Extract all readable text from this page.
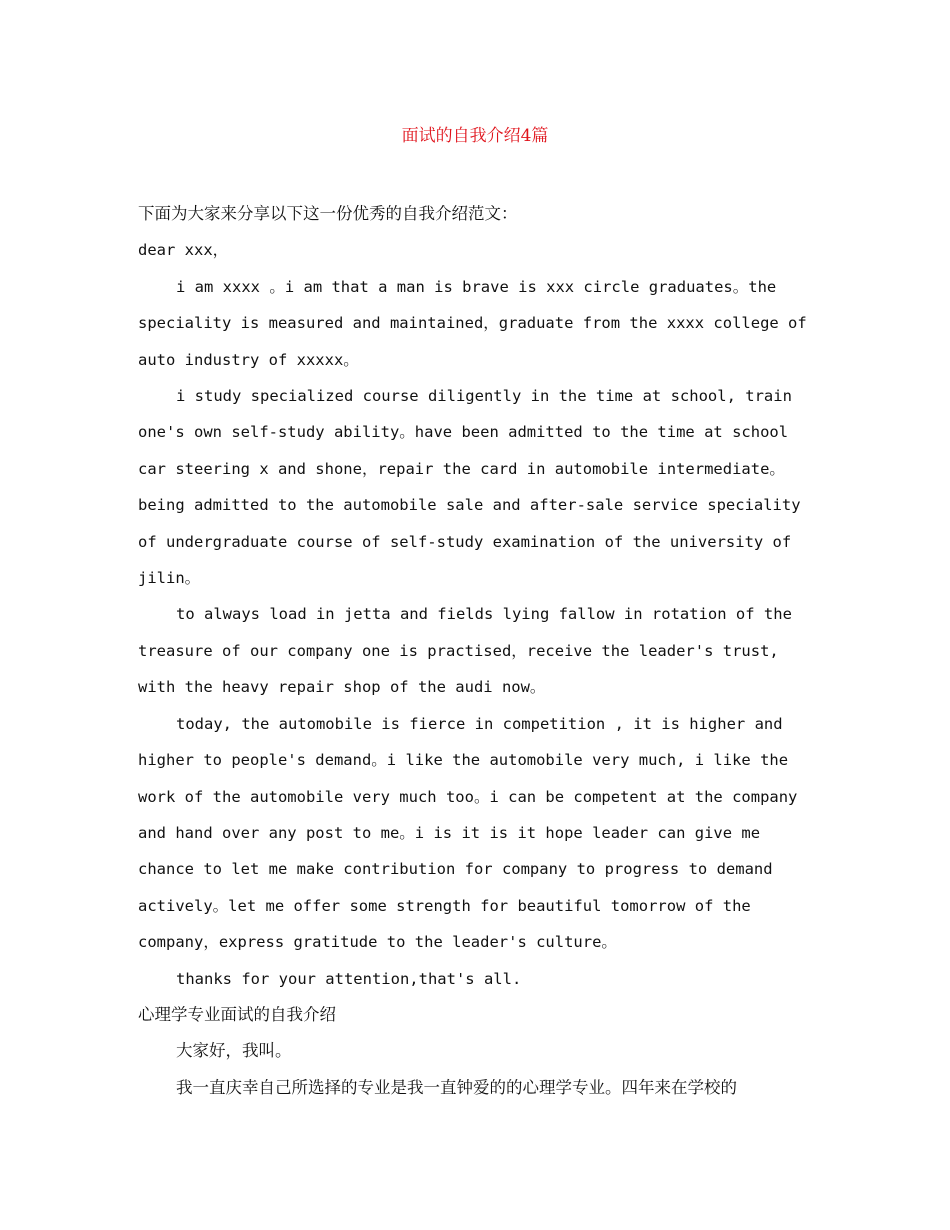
面试的自我介绍4篇

下面为大家来分享以下这一份优秀的自我介绍范文：

dear xxx，

i am xxxx 。i am that a man is brave is xxx circle graduates。the
speciality is measured and maintained，graduate from the xxxx college of
auto industry of xxxxx。

i study specialized course diligently in the time at school, train
one's own self-study ability。have been admitted to the time at school
car steering x and shone，repair the card in automobile intermediate。
being admitted to the automobile sale and after-sale service speciality
of undergraduate course of self-study examination of the university of
jilin。

to always load in jetta and fields lying fallow in rotation of the
treasure of our company one is practised，receive the leader's trust,
with the heavy repair shop of the audi now。

today, the automobile is fierce in competition , it is higher and
higher to people's demand。i like the automobile very much, i like the
work of the automobile very much too。i can be competent at the company
and hand over any post to me。i is it is it hope leader can give me
chance to let me make contribution for company to progress to demand
actively。let me offer some strength for beautiful tomorrow of the
company，express gratitude to the leader's culture。

thanks for your attention,that's all.

心理学专业面试的自我介绍

大家好，我叫。

我一直庆幸自己所选择的专业是我一直钟爱的的心理学专业。四年来在学校的
